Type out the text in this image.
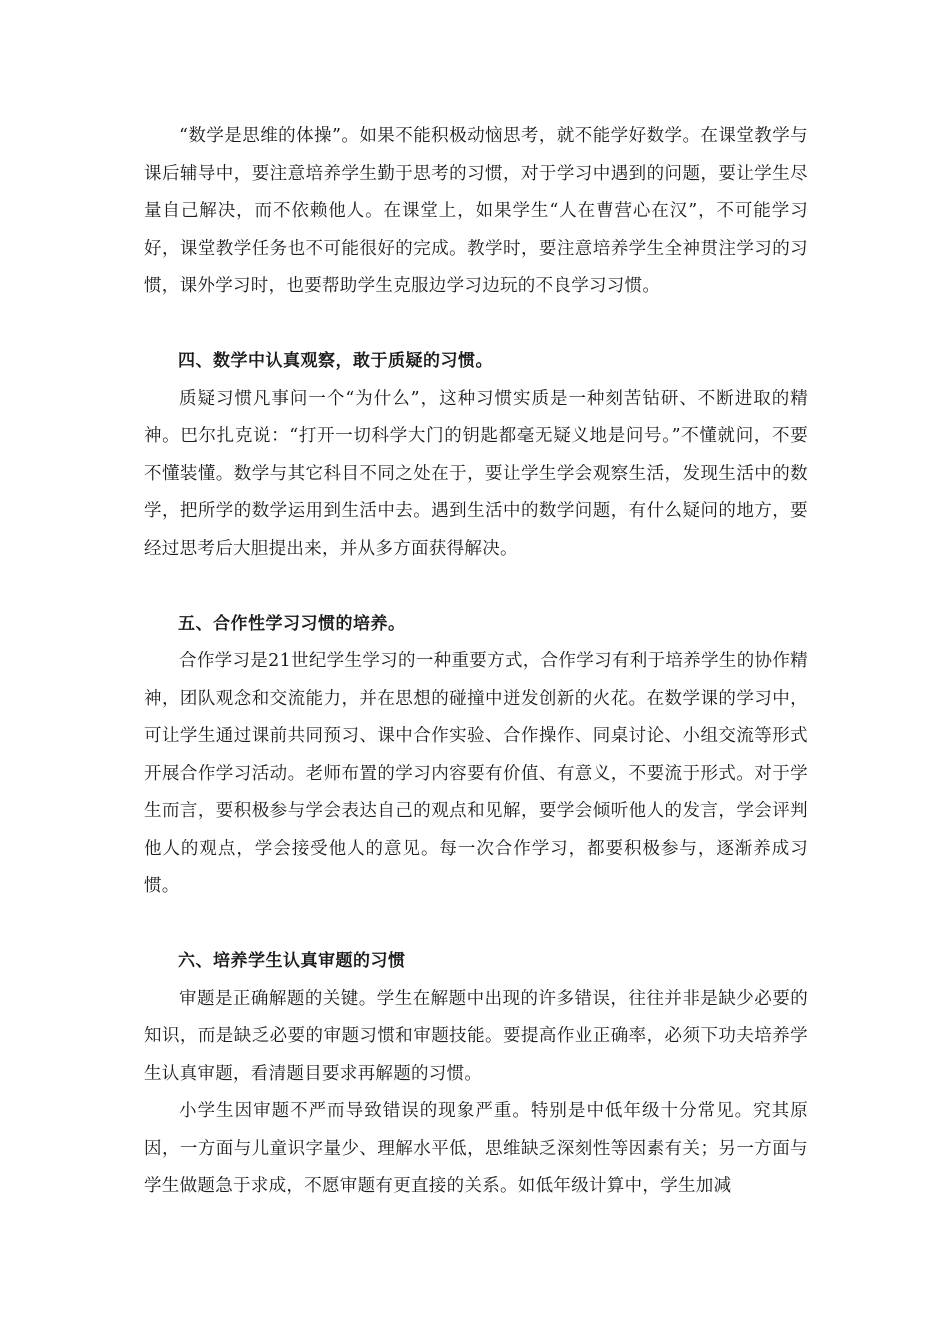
“数学是思维的体操”。如果不能积极动恼思考，就不能学好数学。在课堂教学与课后辅导中，要注意培养学生勤于思考的习惯，对于学习中遇到的问题，要让学生尽量自己解决，而不依赖他人。在课堂上，如果学生“人在曹营心在汉”，不可能学习好，课堂教学任务也不可能很好的完成。教学时，要注意培养学生全神贯注学习的习惯，课外学习时，也要帮助学生克服边学习边玩的不良学习习惯。

四、数学中认真观察，敢于质疑的习惯。

质疑习惯凡事问一个“为什么”，这种习惯实质是一种刻苦钻研、不断进取的精神。巴尔扎克说：“打开一切科学大门的钥匙都毫无疑义地是问号。”不懂就问，不要不懂装懂。数学与其它科目不同之处在于，要让学生学会观察生活，发现生活中的数学，把所学的数学运用到生活中去。遇到生活中的数学问题，有什么疑问的地方，要经过思考后大胆提出来，并从多方面获得解决。

五、合作性学习习惯的培养。

合作学习是21世纪学生学习的一种重要方式，合作学习有利于培养学生的协作精神，团队观念和交流能力，并在思想的碰撞中迸发创新的火花。在数学课的学习中，可让学生通过课前共同预习、课中合作实验、合作操作、同桌讨论、小组交流等形式开展合作学习活动。老师布置的学习内容要有价值、有意义，不要流于形式。对于学生而言，要积极参与学会表达自己的观点和见解，要学会倾听他人的发言，学会评判他人的观点，学会接受他人的意见。每一次合作学习，都要积极参与，逐渐养成习惯。

六、培养学生认真审题的习惯

审题是正确解题的关键。学生在解题中出现的许多错误，往往并非是缺少必要的知识，而是缺乏必要的审题习惯和审题技能。要提高作业正确率，必须下功夫培养学生认真审题，看清题目要求再解题的习惯。

小学生因审题不严而导致错误的现象严重。特别是中低年级十分常见。究其原因，一方面与儿童识字量少、理解水平低，思维缺乏深刻性等因素有关；另一方面与学生做题急于求成，不愿审题有更直接的关系。如低年级计算中，学生加减
